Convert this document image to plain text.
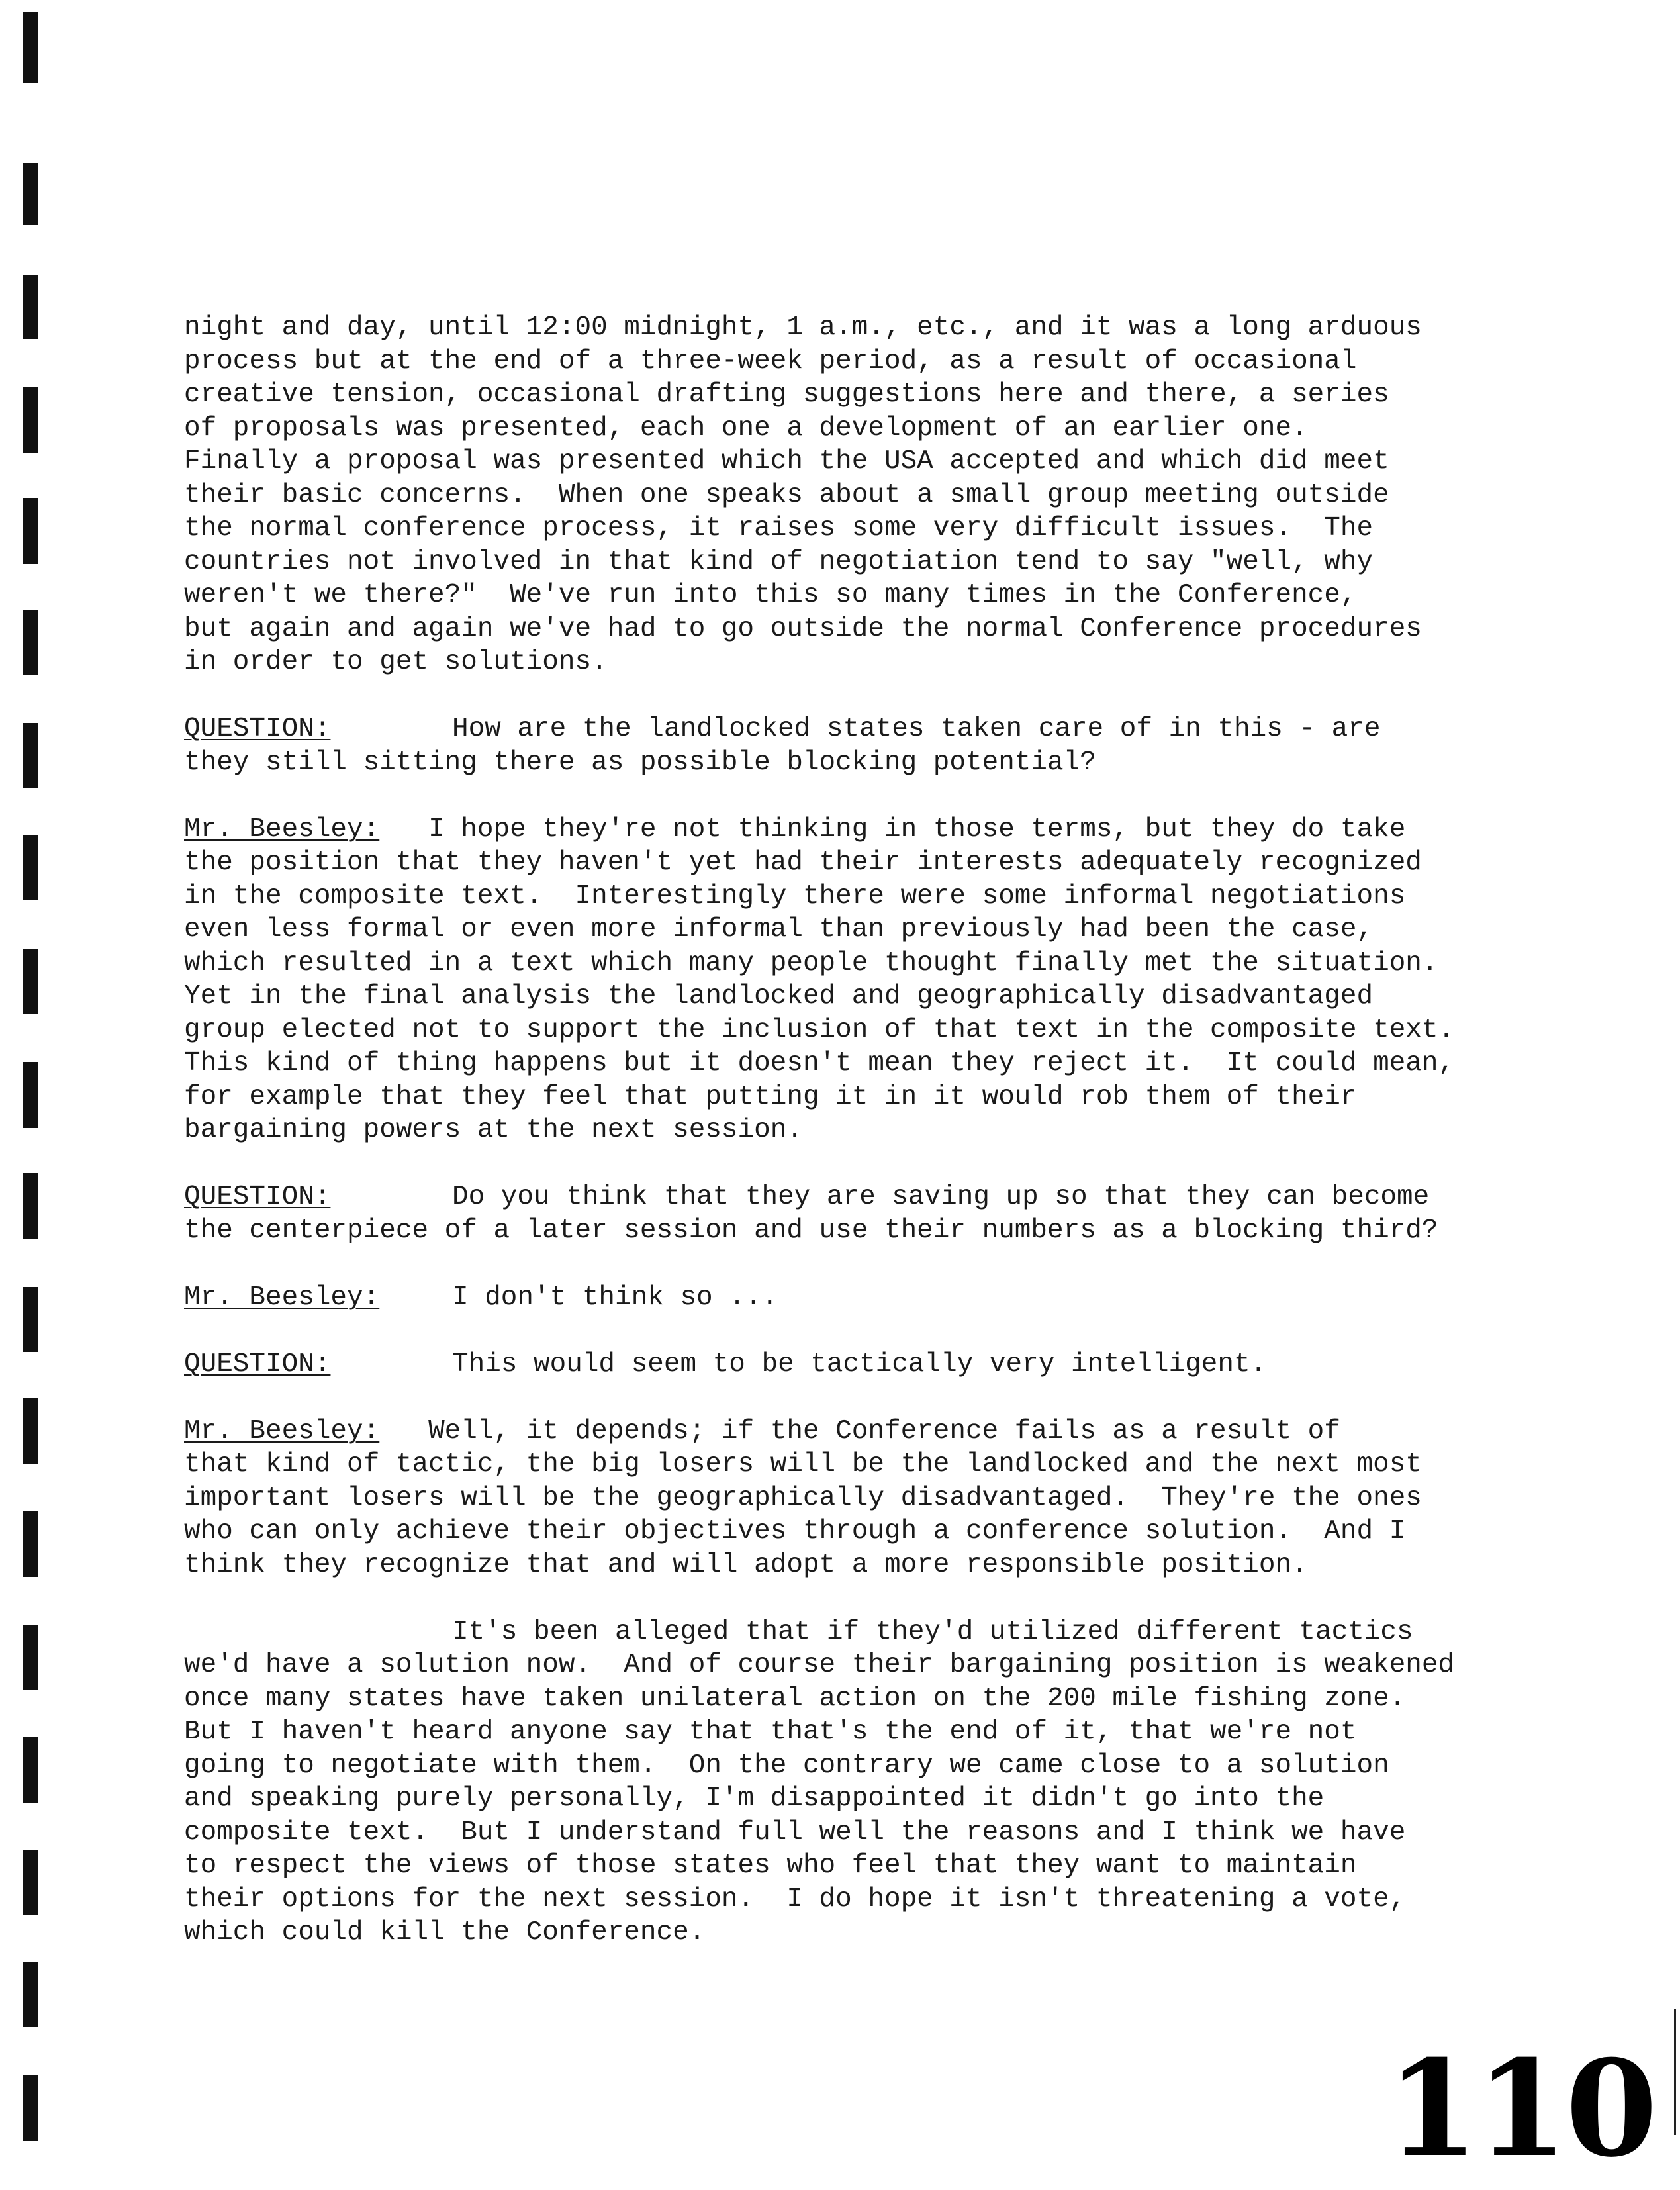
night and day, until 12:00 midnight, 1 a.m., etc., and it was a long arduous
process but at the end of a three-week period, as a result of occasional
creative tension, occasional drafting suggestions here and there, a series
of proposals was presented, each one a development of an earlier one.
Finally a proposal was presented which the USA accepted and which did meet
their basic concerns.  When one speaks about a small group meeting outside
the normal conference process, it raises some very difficult issues.  The
countries not involved in that kind of negotiation tend to say "well, why
weren't we there?"  We've run into this so many times in the Conference,
but again and again we've had to go outside the normal Conference procedures
in order to get solutions.
QUESTION:	How are the landlocked states taken care of in this - are
they still sitting there as possible blocking potential?
Mr. Beesley: I hope they're not thinking in those terms, but they do take
the position that they haven't yet had their interests adequately recognized
in the composite text.  Interestingly there were some informal negotiations
even less formal or even more informal than previously had been the case,
which resulted in a text which many people thought finally met the situation.
Yet in the final analysis the landlocked and geographically disadvantaged
group elected not to support the inclusion of that text in the composite text.
This kind of thing happens but it doesn't mean they reject it.  It could mean,
for example that they feel that putting it in it would rob them of their
bargaining powers at the next session.
QUESTION:	Do you think that they are saving up so that they can become
the centerpiece of a later session and use their numbers as a blocking third?
Mr. Beesley:	I don't think so ...
QUESTION:	This would seem to be tactically very intelligent.
Mr. Beesley: Well, it depends; if the Conference fails as a result of
that kind of tactic, the big losers will be the landlocked and the next most
important losers will be the geographically disadvantaged.  They're the ones
who can only achieve their objectives through a conference solution.  And I
think they recognize that and will adopt a more responsible position.
It's been alleged that if they'd utilized different tactics
we'd have a solution now.  And of course their bargaining position is weakened
once many states have taken unilateral action on the 200 mile fishing zone.
But I haven't heard anyone say that that's the end of it, that we're not
going to negotiate with them.  On the contrary we came close to a solution
and speaking purely personally, I'm disappointed it didn't go into the
composite text.  But I understand full well the reasons and I think we have
to respect the views of those states who feel that they want to maintain
their options for the next session.  I do hope it isn't threatening a vote,
which could kill the Conference.
110
